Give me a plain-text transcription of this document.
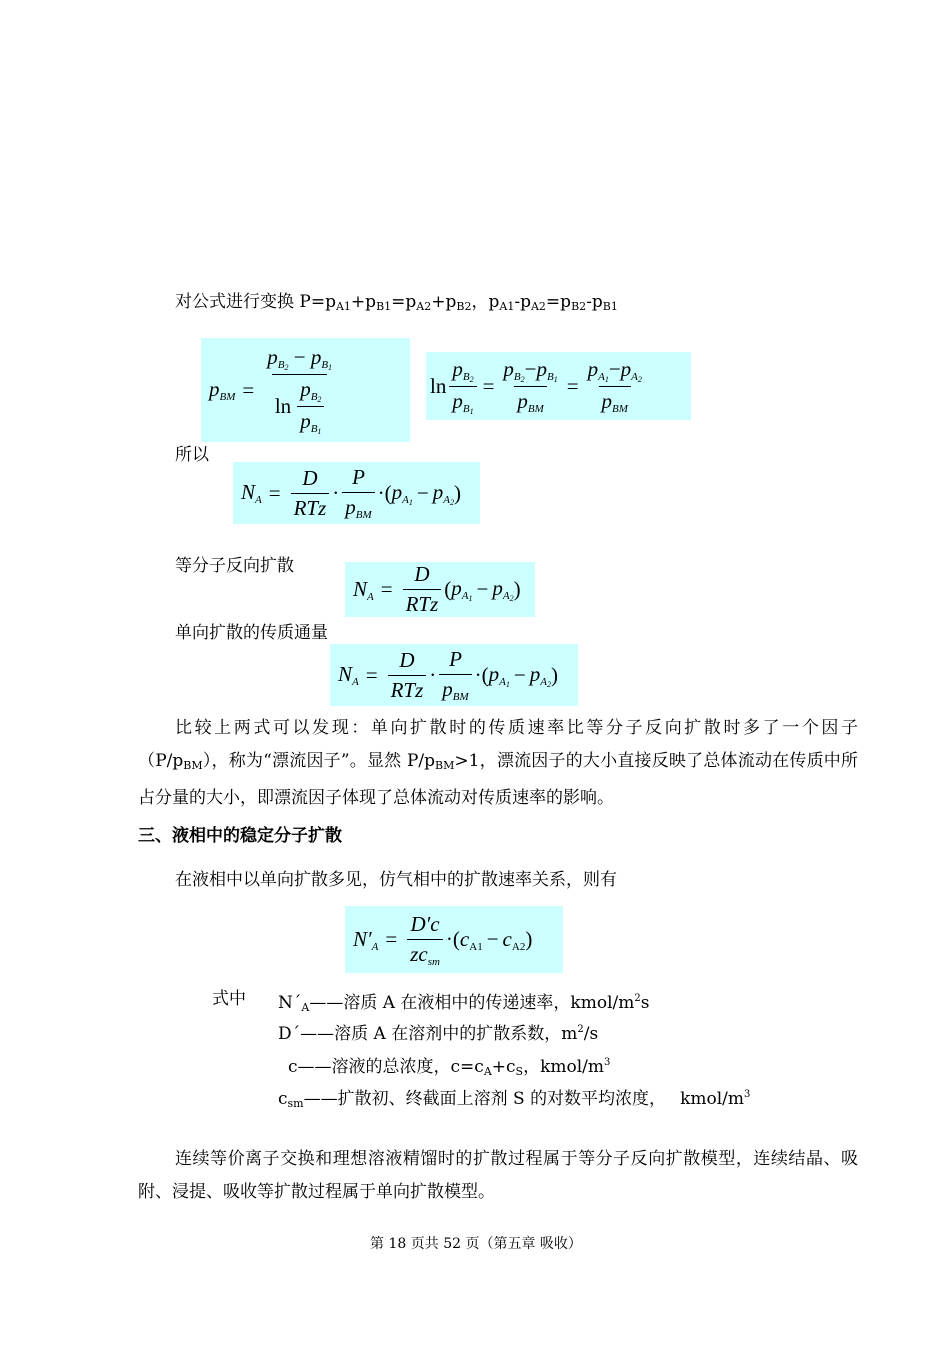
对公式进行变换 P=pA1+pB1=pA2+pB2，pA1-pA2=pB2-pB1
$p_{BM} = \frac{p_{B_2} - p_{B_1}}{\ln \frac{p_{B_2}}{p_{B_1}}}$	$\ln \frac{p_{B_2}}{p_{B_1}} = \frac{p_{B_2}-p_{B_1}}{p_{BM}} = \frac{p_{A_1}-p_{A_2}}{p_{BM}}$
所以
$N_A = \frac{D}{\text{RTz}} \cdot \frac{P}{p_{BM}}$ ·( $p_{A_1} - p_{A_2}$ )
等分子反向扩散
$N_A = \frac{D}{\text{RTz}}$ ( $p_{A_1} - p_{A_2}$ )
单向扩散的传质通量
$N_A = \frac{D}{\text{RTz}} \cdot \frac{P}{p_{BM}}$ ·( $p_{A_1} - p_{A_2}$ )
比较上两式可以发现：单向扩散时的传质速率比等分子反向扩散时多了一个因子（P/pBM），称为“漂流因子”。显然 P/pBM>1，漂流因子的大小直接反映了总体流动在传质中所占分量的大小，即漂流因子体现了总体流动对传质速率的影响。
三、液相中的稳定分子扩散
在液相中以单向扩散多见，仿气相中的扩散速率关系，则有
$N'_A = \frac{D'c}{zc_{sm}}$ ·( $c_{A1} - c_{A2}$ )
式中 N´A——溶质 A 在液相中的传递速率，kmol/$m^2s$
D´——溶质 A 在溶剂中的扩散系数，$m^2/s$
c——溶液的总浓度，c=cA+cS，kmol/$m^3$
csm——扩散初、终截面上溶剂 S 的对数平均浓度， kmol/$m^3$
连续等价离子交换和理想溶液精馏时的扩散过程属于等分子反向扩散模型，连续结晶、吸附、浸提、吸收等扩散过程属于单向扩散模型。
第 18 页共 52 页（第五章 吸收）
